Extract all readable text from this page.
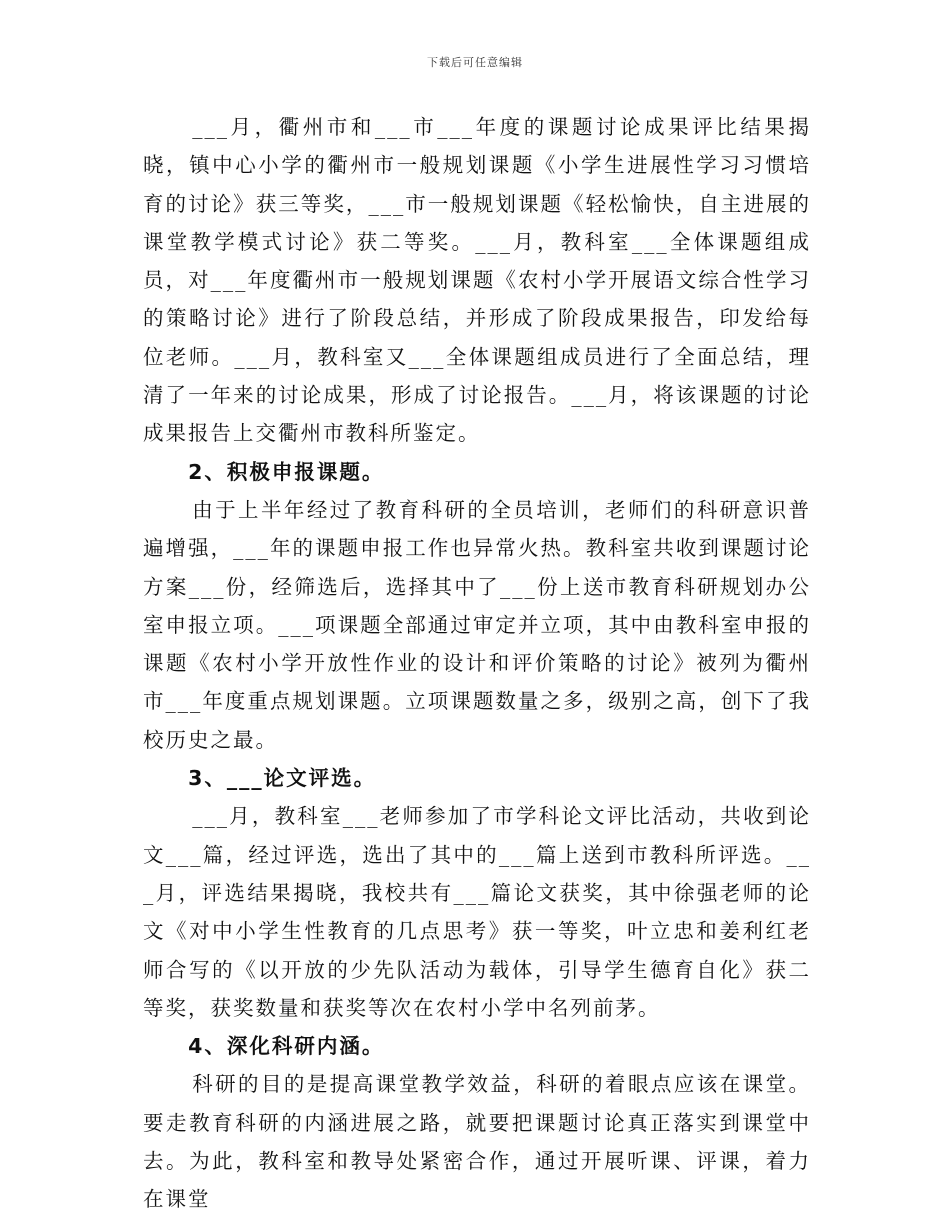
下载后可任意编辑

___月，衢州市和___市___年度的课题讨论成果评比结果揭晓，镇中心小学的衢州市一般规划课题《小学生进展性学习习惯培育的讨论》获三等奖，___市一般规划课题《轻松愉快，自主进展的课堂教学模式讨论》获二等奖。___月，教科室___全体课题组成员，对___年度衢州市一般规划课题《农村小学开展语文综合性学习的策略讨论》进行了阶段总结，并形成了阶段成果报告，印发给每位老师。___月，教科室又___全体课题组成员进行了全面总结，理清了一年来的讨论成果，形成了讨论报告。___月，将该课题的讨论成果报告上交衢州市教科所鉴定。

2、积极申报课题。

由于上半年经过了教育科研的全员培训，老师们的科研意识普遍增强，___年的课题申报工作也异常火热。教科室共收到课题讨论方案___份，经筛选后，选择其中了___份上送市教育科研规划办公室申报立项。___项课题全部通过审定并立项，其中由教科室申报的课题《农村小学开放性作业的设计和评价策略的讨论》被列为衢州市___年度重点规划课题。立项课题数量之多，级别之高，创下了我校历史之最。

3、___论文评选。

___月，教科室___老师参加了市学科论文评比活动，共收到论文___篇，经过评选，选出了其中的___篇上送到市教科所评选。___月，评选结果揭晓，我校共有___篇论文获奖，其中徐强老师的论文《对中小学生性教育的几点思考》获一等奖，叶立忠和姜利红老师合写的《以开放的少先队活动为载体，引导学生德育自化》获二等奖，获奖数量和获奖等次在农村小学中名列前茅。

4、深化科研内涵。

科研的目的是提高课堂教学效益，科研的着眼点应该在课堂。要走教育科研的内涵进展之路，就要把课题讨论真正落实到课堂中去。为此，教科室和教导处紧密合作，通过开展听课、评课，着力在课堂
